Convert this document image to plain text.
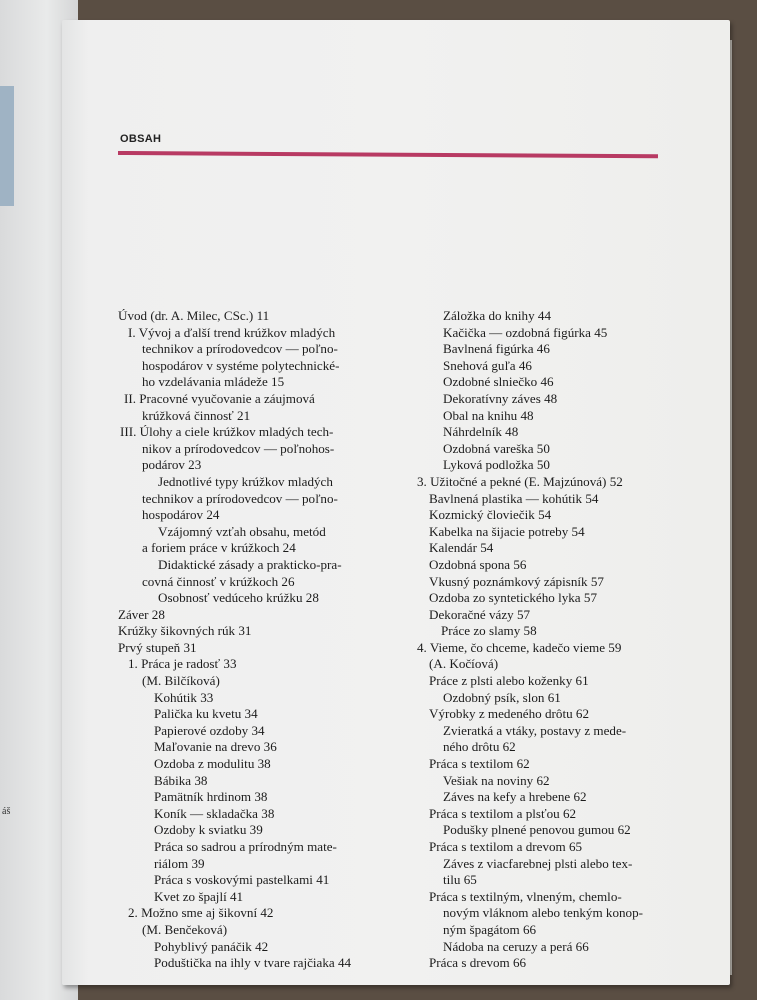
áš
OBSAH
Úvod (dr. A. Milec, CSc.) 11
I. Vývoj a ďalší trend krúžkov mladých
technikov a prírodovedcov — poľno-
hospodárov v systéme polytechnické-
ho vzdelávania mládeže 15
II. Pracovné vyučovanie a záujmová
krúžková činnosť 21
III. Úlohy a ciele krúžkov mladých tech-
nikov a prírodovedcov — poľnohos-
podárov 23
Jednotlivé typy krúžkov mladých
technikov a prírodovedcov — poľno-
hospodárov 24
Vzájomný vzťah obsahu, metód
a foriem práce v krúžkoch 24
Didaktické zásady a prakticko-pra-
covná činnosť v krúžkoch 26
Osobnosť vedúceho krúžku 28
Záver 28
Krúžky šikovných rúk 31
Prvý stupeň 31
1. Práca je radosť 33
(M. Bilčíková)
Kohútik 33
Palička ku kvetu 34
Papierové ozdoby 34
Maľovanie na drevo 36
Ozdoba z modulitu 38
Bábika 38
Pamätník hrdinom 38
Koník — skladačka 38
Ozdoby k sviatku 39
Práca so sadrou a prírodným mate-
riálom 39
Práca s voskovými pastelkami 41
Kvet zo špajlí 41
2. Možno sme aj šikovní 42
(M. Benčeková)
Pohyblivý panáčik 42
Poduštička na ihly v tvare rajčiaka 44
Záložka do knihy 44
Kačička — ozdobná figúrka 45
Bavlnená figúrka 46
Snehová guľa 46
Ozdobné slniečko 46
Dekoratívny záves 48
Obal na knihu 48
Náhrdelník 48
Ozdobná vareška 50
Lyková podložka 50
3. Užitočné a pekné (E. Majzúnová) 52
Bavlnená plastika — kohútik 54
Kozmický človiečik 54
Kabelka na šijacie potreby 54
Kalendár 54
Ozdobná spona 56
Vkusný poznámkový zápisník 57
Ozdoba zo syntetického lyka 57
Dekoračné vázy 57
Práce zo slamy 58
4. Vieme, čo chceme, kadečo vieme 59
(A. Kočíová)
Práce z plsti alebo koženky 61
Ozdobný psík, slon 61
Výrobky z medeného drôtu 62
Zvieratká a vtáky, postavy z mede-
ného drôtu 62
Práca s textilom 62
Vešiak na noviny 62
Záves na kefy a hrebene 62
Práca s textilom a plsťou 62
Podušky plnené penovou gumou 62
Práca s textilom a drevom 65
Záves z viacfarebnej plsti alebo tex-
tilu 65
Práca s textilným, vlneným, chemlo-
novým vláknom alebo tenkým konop-
ným špagátom 66
Nádoba na ceruzy a perá 66
Práca s drevom 66
